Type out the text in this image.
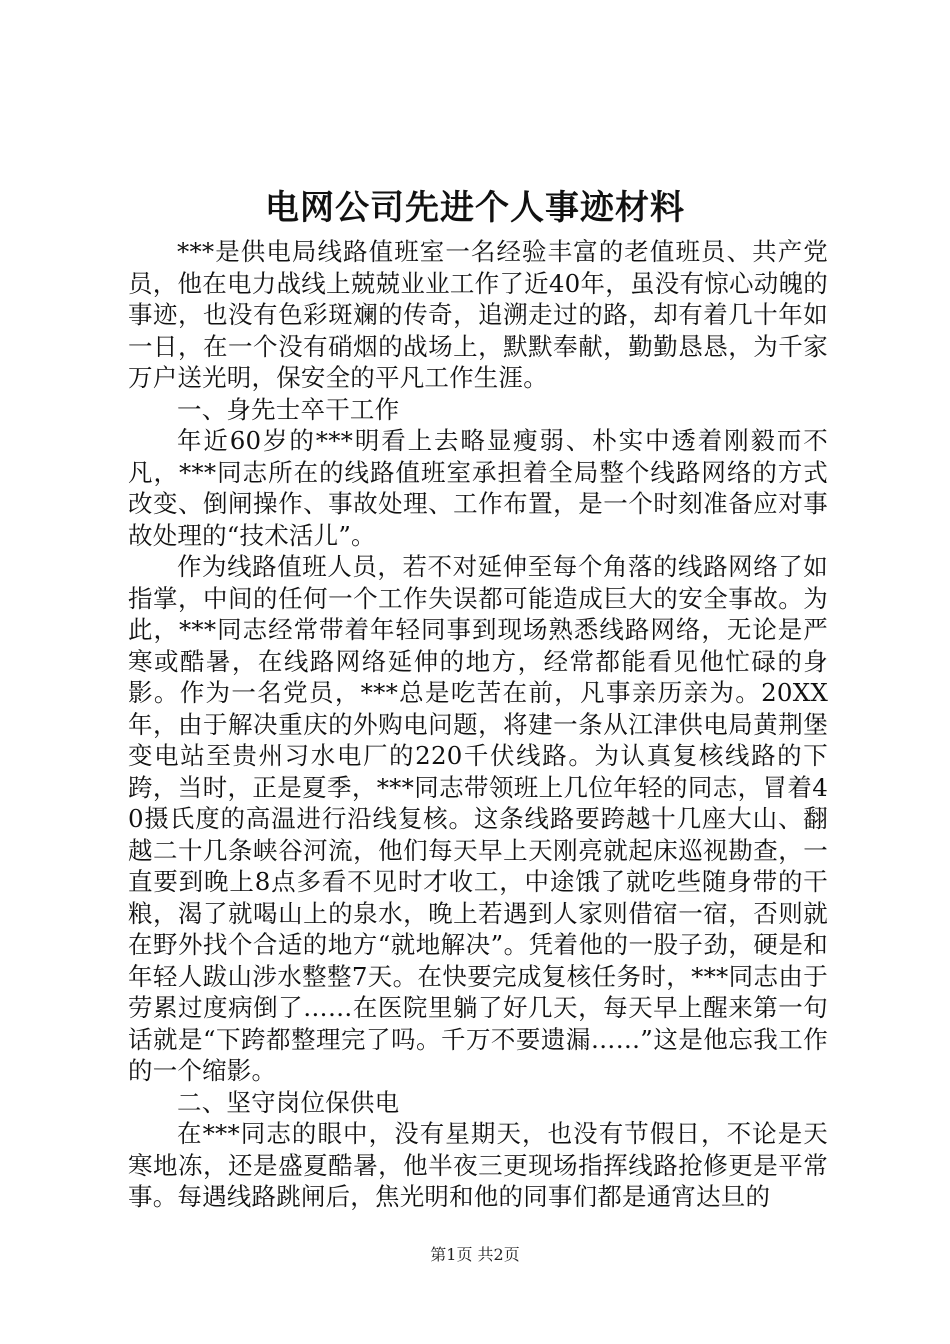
电网公司先进个人事迹材料

***是供电局线路值班室一名经验丰富的老值班员、共产党员，他在电力战线上兢兢业业工作了近40年，虽没有惊心动魄的事迹，也没有色彩斑斓的传奇，追溯走过的路，却有着几十年如一日，在一个没有硝烟的战场上，默默奉献，勤勤恳恳，为千家万户送光明，保安全的平凡工作生涯。

一、身先士卒干工作

年近60岁的***明看上去略显瘦弱、朴实中透着刚毅而不凡，***同志所在的线路值班室承担着全局整个线路网络的方式改变、倒闸操作、事故处理、工作布置，是一个时刻准备应对事故处理的“技术活儿”。

作为线路值班人员，若不对延伸至每个角落的线路网络了如指掌，中间的任何一个工作失误都可能造成巨大的安全事故。为此，***同志经常带着年轻同事到现场熟悉线路网络，无论是严寒或酷暑，在线路网络延伸的地方，经常都能看见他忙碌的身影。作为一名党员，***总是吃苦在前，凡事亲历亲为。20XX年，由于解决重庆的外购电问题，将建一条从江津供电局黄荆堡变电站至贵州习水电厂的220千伏线路。为认真复核线路的下跨，当时，正是夏季，***同志带领班上几位年轻的同志，冒着40摄氏度的高温进行沿线复核。这条线路要跨越十几座大山、翻越二十几条峡谷河流，他们每天早上天刚亮就起床巡视勘查，一直要到晚上8点多看不见时才收工，中途饿了就吃些随身带的干粮，渴了就喝山上的泉水，晚上若遇到人家则借宿一宿，否则就在野外找个合适的地方“就地解决”。凭着他的一股子劲，硬是和年轻人跋山涉水整整7天。在快要完成复核任务时，***同志由于劳累过度病倒了……在医院里躺了好几天，每天早上醒来第一句话就是“下跨都整理完了吗。千万不要遗漏……”这是他忘我工作的一个缩影。

二、坚守岗位保供电

在***同志的眼中，没有星期天，也没有节假日，不论是天寒地冻，还是盛夏酷暑，他半夜三更现场指挥线路抢修更是平常事。每遇线路跳闸后，焦光明和他的同事们都是通宵达旦的

第1页 共2页
